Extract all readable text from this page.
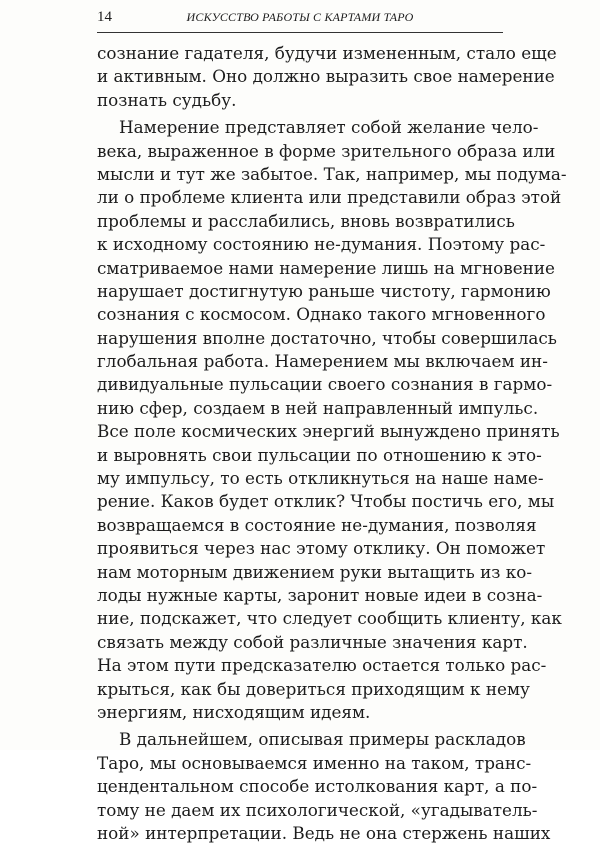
14	ИСКУССТВО РАБОТЫ С КАРТАМИ ТАРО
сознание гадателя, будучи измененным, стало еще
и активным. Оно должно выразить свое намерение
познать судьбу.
Намерение представляет собой желание чело-
века, выраженное в форме зрительного образа или
мысли и тут же забытое. Так, например, мы подума-
ли о проблеме клиента или представили образ этой
проблемы и расслабились, вновь возвратились
к исходному состоянию не-думания. Поэтому рас-
сматриваемое нами намерение лишь на мгновение
нарушает достигнутую раньше чистоту, гармонию
сознания с космосом. Однако такого мгновенного
нарушения вполне достаточно, чтобы совершилась
глобальная работа. Намерением мы включаем ин-
дивидуальные пульсации своего сознания в гармо-
нию сфер, создаем в ней направленный импульс.
Все поле космических энергий вынуждено принять
и выровнять свои пульсации по отношению к это-
му импульсу, то есть откликнуться на наше наме-
рение. Каков будет отклик? Чтобы постичь его, мы
возвращаемся в состояние не-думания, позволяя
проявиться через нас этому отклику. Он поможет
нам моторным движением руки вытащить из ко-
лоды нужные карты, заронит новые идеи в созна-
ние, подскажет, что следует сообщить клиенту, как
связать между собой различные значения карт.
На этом пути предсказателю остается только рас-
крыться, как бы довериться приходящим к нему
энергиям, нисходящим идеям.
В дальнейшем, описывая примеры раскладов
Таро, мы основываемся именно на таком, транс-
цендентальном способе истолкования карт, а по-
тому не даем их психологической, «угадыватель-
ной» интерпретации. Ведь не она стержень наших
